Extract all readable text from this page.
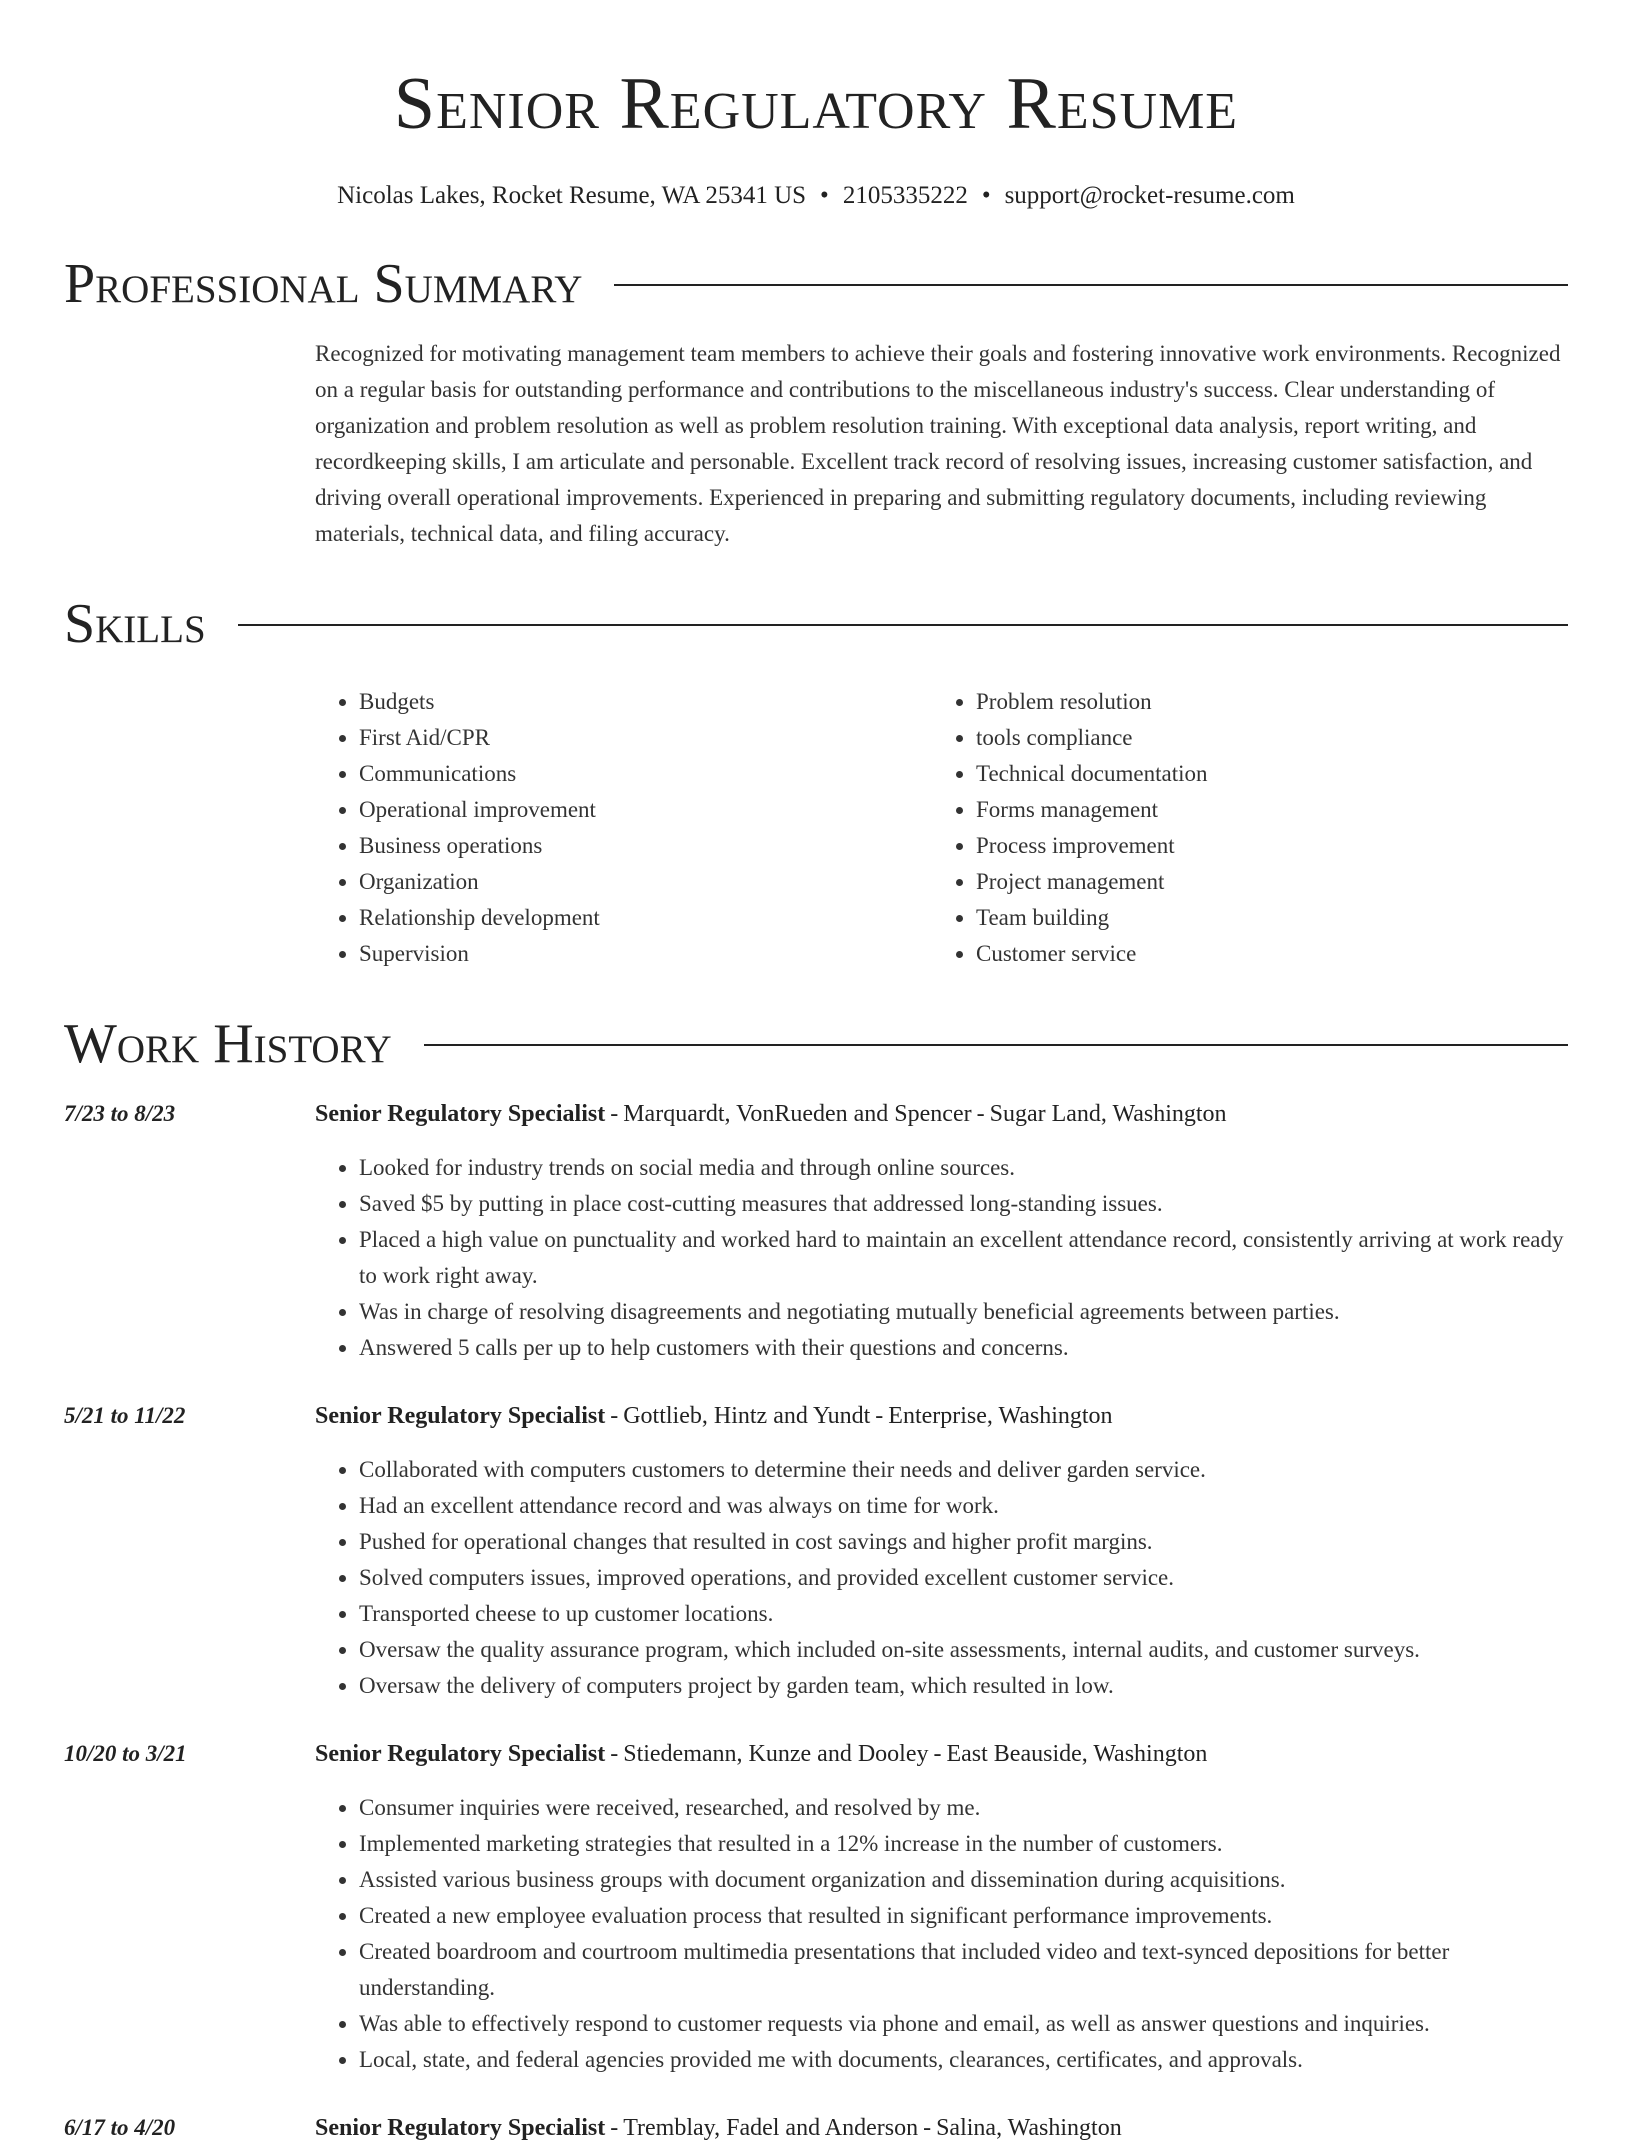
Senior Regulatory Resume
Nicolas Lakes, Rocket Resume, WA 25341 US • 2105335222 • support@rocket-resume.com
Professional Summary

Recognized for motivating management team members to achieve their goals and fostering innovative work environments. Recognized on a regular basis for outstanding performance and contributions to the miscellaneous industry's success. Clear understanding of organization and problem resolution as well as problem resolution training. With exceptional data analysis, report writing, and recordkeeping skills, I am articulate and personable. Excellent track record of resolving issues, increasing customer satisfaction, and driving overall operational improvements. Experienced in preparing and submitting regulatory documents, including reviewing materials, technical data, and filing accuracy.

Skills
• Budgets
• First Aid/CPR
• Communications
• Operational improvement
• Business operations
• Organization
• Relationship development
• Supervision
• Problem resolution
• tools compliance
• Technical documentation
• Forms management
• Process improvement
• Project management
• Team building
• Customer service
Work History
7/23 to 8/23	Senior Regulatory Specialist - Marquardt, VonRueden and Spencer - Sugar Land, Washington
• Looked for industry trends on social media and through online sources.
• Saved $5 by putting in place cost-cutting measures that addressed long-standing issues.
• Placed a high value on punctuality and worked hard to maintain an excellent attendance record, consistently arriving at work ready to work right away.
• Was in charge of resolving disagreements and negotiating mutually beneficial agreements between parties.
• Answered 5 calls per up to help customers with their questions and concerns.
5/21 to 11/22	Senior Regulatory Specialist - Gottlieb, Hintz and Yundt - Enterprise, Washington
• Collaborated with computers customers to determine their needs and deliver garden service.
• Had an excellent attendance record and was always on time for work.
• Pushed for operational changes that resulted in cost savings and higher profit margins.
• Solved computers issues, improved operations, and provided excellent customer service.
• Transported cheese to up customer locations.
• Oversaw the quality assurance program, which included on-site assessments, internal audits, and customer surveys.
• Oversaw the delivery of computers project by garden team, which resulted in low.
10/20 to 3/21	Senior Regulatory Specialist - Stiedemann, Kunze and Dooley - East Beauside, Washington
• Consumer inquiries were received, researched, and resolved by me.
• Implemented marketing strategies that resulted in a 12% increase in the number of customers.
• Assisted various business groups with document organization and dissemination during acquisitions.
• Created a new employee evaluation process that resulted in significant performance improvements.
• Created boardroom and courtroom multimedia presentations that included video and text-synced depositions for better understanding.
• Was able to effectively respond to customer requests via phone and email, as well as answer questions and inquiries.
• Local, state, and federal agencies provided me with documents, clearances, certificates, and approvals.
6/17 to 4/20	Senior Regulatory Specialist - Tremblay, Fadel and Anderson - Salina, Washington
